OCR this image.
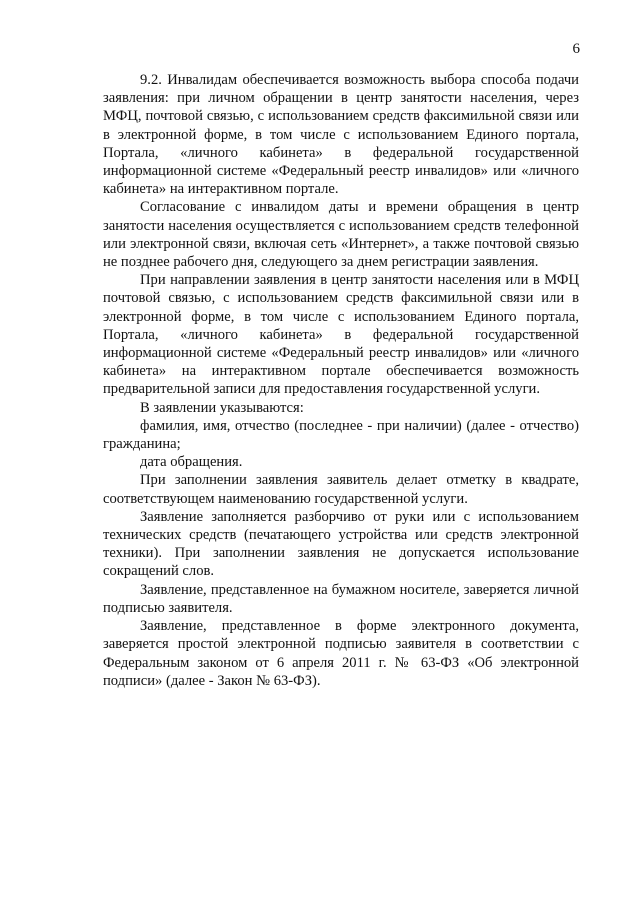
6

9.2. Инвалидам обеспечивается возможность выбора способа подачи заявления: при личном обращении в центр занятости населения, через МФЦ, почтовой связью, с использованием средств факсимильной связи или в электронной форме, в том числе с использованием Единого портала, Портала, «личного кабинета» в федеральной государственной информационной системе «Федеральный реестр инвалидов» или «личного кабинета» на интерактивном портале.

Согласование с инвалидом даты и времени обращения в центр занятости населения осуществляется с использованием средств телефонной или электронной связи, включая сеть «Интернет», а также почтовой связью не позднее рабочего дня, следующего за днем регистрации заявления.

При направлении заявления в центр занятости населения или в МФЦ почтовой связью, с использованием средств факсимильной связи или в электронной форме, в том числе с использованием Единого портала, Портала, «личного кабинета» в федеральной государственной информационной системе «Федеральный реестр инвалидов» или «личного кабинета» на интерактивном портале обеспечивается возможность предварительной записи для предоставления государственной услуги.

В заявлении указываются:

фамилия, имя, отчество (последнее - при наличии) (далее - отчество) гражданина;

дата обращения.

При заполнении заявления заявитель делает отметку в квадрате, соответствующем наименованию государственной услуги.

Заявление заполняется разборчиво от руки или с использованием технических средств (печатающего устройства или средств электронной техники). При заполнении заявления не допускается использование сокращений слов.

Заявление, представленное на бумажном носителе, заверяется личной подписью заявителя.

Заявление, представленное в форме электронного документа, заверяется простой электронной подписью заявителя в соответствии с Федеральным законом от 6 апреля 2011 г. № 63-ФЗ «Об электронной подписи» (далее - Закон № 63-ФЗ).
